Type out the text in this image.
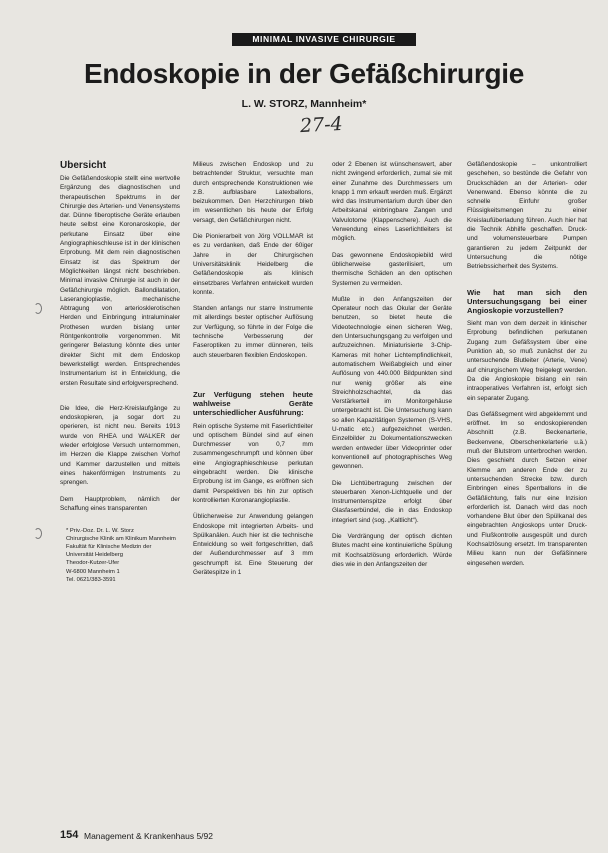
MINIMAL INVASIVE CHIRURGIE
Endoskopie in der Gefäßchirurgie
L. W. STORZ, Mannheim*
27-4
Übersicht

Die Gefäßendoskopie stellt eine wertvolle Ergänzung des diagnostischen und therapeutischen Spektrums in der Chirurgie des Arterien- und Venensystems dar. Dünne fiberoptische Geräte erlauben heute selbst eine Koronaroskopie, der perkutane Einsatz über eine Angiographieschleuse ist in der klinischen Erprobung. Mit dem rein diagnostischen Einsatz ist das Spektrum der Möglichkeiten längst nicht beschrieben. Minimal invasive Chirurgie ist auch in der Gefäßchirurgie möglich. Ballondilatation, Laserangioplastie, mechanische Abtragung von arteriosklerotischen Herden und Einbringung intraluminaler Prothesen wurden bislang unter Röntgenkontrolle vorgenommen. Mit geringerer Belastung könnte dies unter direkter Sicht mit dem Endoskop bewerkstelligt werden. Entsprechendes Instrumentarium ist in Entwicklung, die ersten Resultate sind erfolgversprechend.

Die Idee, die Herz-Kreislaufgänge zu endoskopieren, ja sogar dort zu operieren, ist nicht neu. Bereits 1913 wurde von RHEA und WALKER der wieder erfolglose Versuch unternommen, im Herzen die Klappe zwischen Vorhof und Kammer darzustellen und mittels eines hakenförmigen Instruments zu sprengen.

Dem Hauptproblem, nämlich der Schaffung eines transparenten

* Priv.-Doz. Dr. L. W. Storz
Chirurgische Klinik am Klinikum Mannheim
Fakultät für Klinische Medizin der Universität Heidelberg
Theodor-Kutzer-Ufer
W-6800 Mannheim 1
Tel. 0621/383-3591

Milieus zwischen Endoskop und zu betrachtender Struktur, versuchte man durch entsprechende Konstruktionen wie z.B. aufblasbare Latexballons, beizukommen. Den Herzchirurgen blieb im wesentlichen bis heute der Erfolg versagt, den Gefäßchirurgen nicht.

Die Pionierarbeit von Jörg VOLLMAR ist es zu verdanken, daß Ende der 60iger Jahre in der Chirurgischen Universitätsklinik Heidelberg die Gefäßendoskopie als klinisch einsetzbares Verfahren entwickelt wurden konnte.

Standen anfangs nur starre Instrumente mit allerdings bester optischer Auflösung zur Verfügung, so führte in der Folge die technische Verbesserung der Faseroptiken zu immer dünneren, teils auch steuerbaren flexiblen Endoskopen.

Zur Verfügung stehen heute wahlweise Geräte unterschiedlicher Ausführung:

Rein optische Systeme mit Faserlichtleiter und optischem Bündel sind auf einen Durchmesser von 0,7 mm zusammengeschrumpft und können über eine Angiographieschleuse perkutan eingebracht werden. Die klinische Erprobung ist im Gange, es eröffnen sich damit Perspektiven bis hin zur optisch kontrollierten Koronarangioplastie.

Üblicherweise zur Anwendung gelangen Endoskope mit integrierten Arbeits- und Spülkanälen. Auch hier ist die technische Entwicklung so weit fortgeschritten, daß der Außendurchmesser auf 3 mm geschrumpft ist. Eine Steuerung der Gerätespitze in 1

oder 2 Ebenen ist wünschenswert, aber nicht zwingend erforderlich, zumal sie mit einer Zunahme des Durchmessers um knapp 1 mm erkauft werden muß. Ergänzt wird das Instrumentarium durch über den Arbeitskanal einbringbare Zangen und Valvulotome (Klappenschere). Auch die Verwendung eines Laserlichtleiters ist möglich.

Das gewonnene Endoskopiebild wird üblicherweise gasterilisiert, um thermische Schäden an den optischen Systemen zu vermeiden.

Mußte in den Anfangszeiten der Operateur noch das Okular der Geräte benutzen, so bietet heute die Videotechnologie einen sicheren Weg, den Untersuchungsgang zu verfolgen und aufzuzeichnen. Miniaturisierte 3-Chip-Kameras mit hoher Lichtempfindlichkeit, automatischem Weißabgleich und einer Auflösung von 440.000 Bildpunkten sind nur wenig größer als eine Streichholzschachtel, da das Verstärkerteil im Monitorgehäuse untergebracht ist. Die Untersuchung kann so allen Kapazitätigen Systemen (S-VHS, U-matic etc.) aufgezeichnet werden. Einzelbilder zu Dokumentationszwecken werden entweder über Videoprinter oder konventionell auf photographisches Weg gewonnen.

Die Lichtübertragung zwischen der steuerbaren Xenon-Lichtquelle und der Instrumentenspitze erfolgt über Glasfaserbündel, die in das Endoskop integriert sind (sog. „Kaltlicht“).

Die Verdrängung der optisch dichten Blutes macht eine kontinuierliche Spülung mit Kochsalzlösung erforderlich. Würde dies wie in den Anfangszeiten der

Gefäßendoskopie – unkontrolliert geschehen, so bestünde die Gefahr von Druckschäden an der Arterien- oder Venenwand. Ebenso könnte die zu schnelle Einfuhr großer Flüssigkeitsmengen zu einer Kreislaufüberladung führen. Auch hier hat die Technik Abhilfe geschaffen. Druck- und volumensteuerbare Pumpen garantieren zu jedem Zeitpunkt der Untersuchung die nötige Betriebssicherheit des Systems.

Wie hat man sich den Untersuchungsgang bei einer Angioskopie vorzustellen?

Sieht man von dem derzeit in klinischer Erprobung befindlichen perkutanen Zugang zum Gefäßsystem über eine Punktion ab, so muß zunächst der zu untersuchende Blutleiter (Arterie, Vene) auf chirurgischem Weg freigelegt werden. Da die Angioskopie bislang ein rein intraoperatives Verfahren ist, erfolgt sich ein separater Zugang.

Das Gefäßsegment wird abgeklemmt und eröffnet. Im so endoskopierenden Abschnitt (z.B. Beckenarterie, Beckenvene, Oberschenkelarterie u.ä.) muß der Blutstrom unterbrochen werden. Dies geschieht durch Setzen einer Klemme am anderen Ende der zu untersuchenden Strecke bzw. durch Einbringen eines Sperrballons in die Gefäßlichtung, falls nur eine Inzision erforderlich ist. Danach wird das noch vorhandene Blut über den Spülkanal des eingebrachten Angioskops unter Druck- und Flußkontrolle ausgespült und durch Kochsalzlösung ersetzt. Im transparenten Milieu kann nun der Gefäßinnere eingesehen werden.

154 Management & Krankenhaus 5/92
